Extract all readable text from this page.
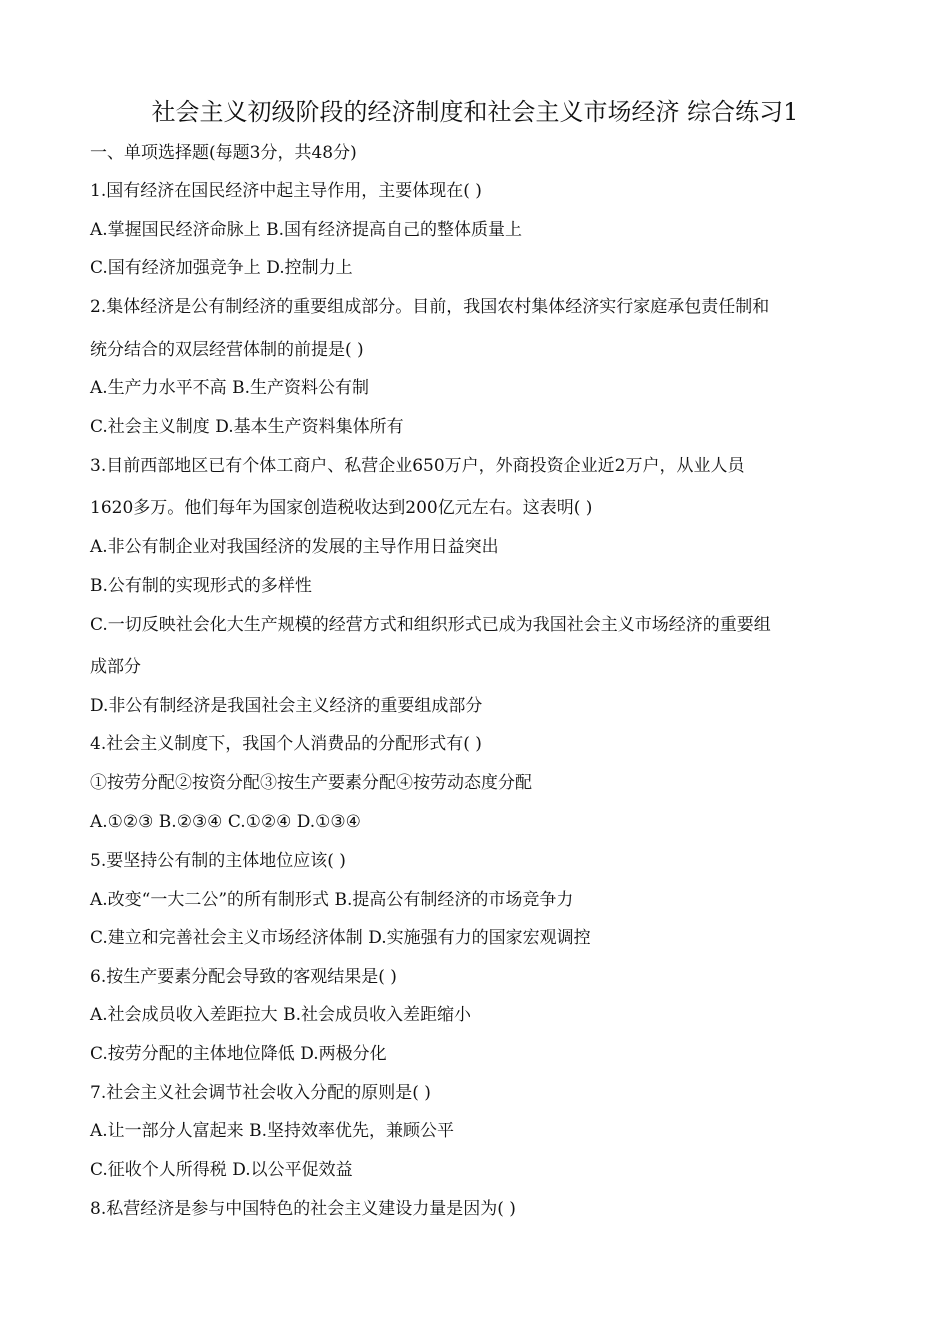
社会主义初级阶段的经济制度和社会主义市场经济 综合练习1
一、单项选择题(每题3分，共48分)
1.国有经济在国民经济中起主导作用，主要体现在( )
A.掌握国民经济命脉上 B.国有经济提高自己的整体质量上
C.国有经济加强竞争上 D.控制力上
2.集体经济是公有制经济的重要组成部分。目前，我国农村集体经济实行家庭承包责任制和
统分结合的双层经营体制的前提是( )
A.生产力水平不高 B.生产资料公有制
C.社会主义制度 D.基本生产资料集体所有
3.目前西部地区已有个体工商户、私营企业650万户，外商投资企业近2万户，从业人员
1620多万。他们每年为国家创造税收达到200亿元左右。这表明( )
A.非公有制企业对我国经济的发展的主导作用日益突出
B.公有制的实现形式的多样性
C.一切反映社会化大生产规模的经营方式和组织形式已成为我国社会主义市场经济的重要组
成部分
D.非公有制经济是我国社会主义经济的重要组成部分
4.社会主义制度下，我国个人消费品的分配形式有( )
①按劳分配②按资分配③按生产要素分配④按劳动态度分配
A.①②③ B.②③④ C.①②④ D.①③④
5.要坚持公有制的主体地位应该( )
A.改变“一大二公”的所有制形式 B.提高公有制经济的市场竞争力
C.建立和完善社会主义市场经济体制 D.实施强有力的国家宏观调控
6.按生产要素分配会导致的客观结果是( )
A.社会成员收入差距拉大 B.社会成员收入差距缩小
C.按劳分配的主体地位降低 D.两极分化
7.社会主义社会调节社会收入分配的原则是( )
A.让一部分人富起来 B.坚持效率优先，兼顾公平
C.征收个人所得税 D.以公平促效益
8.私营经济是参与中国特色的社会主义建设力量是因为( )
